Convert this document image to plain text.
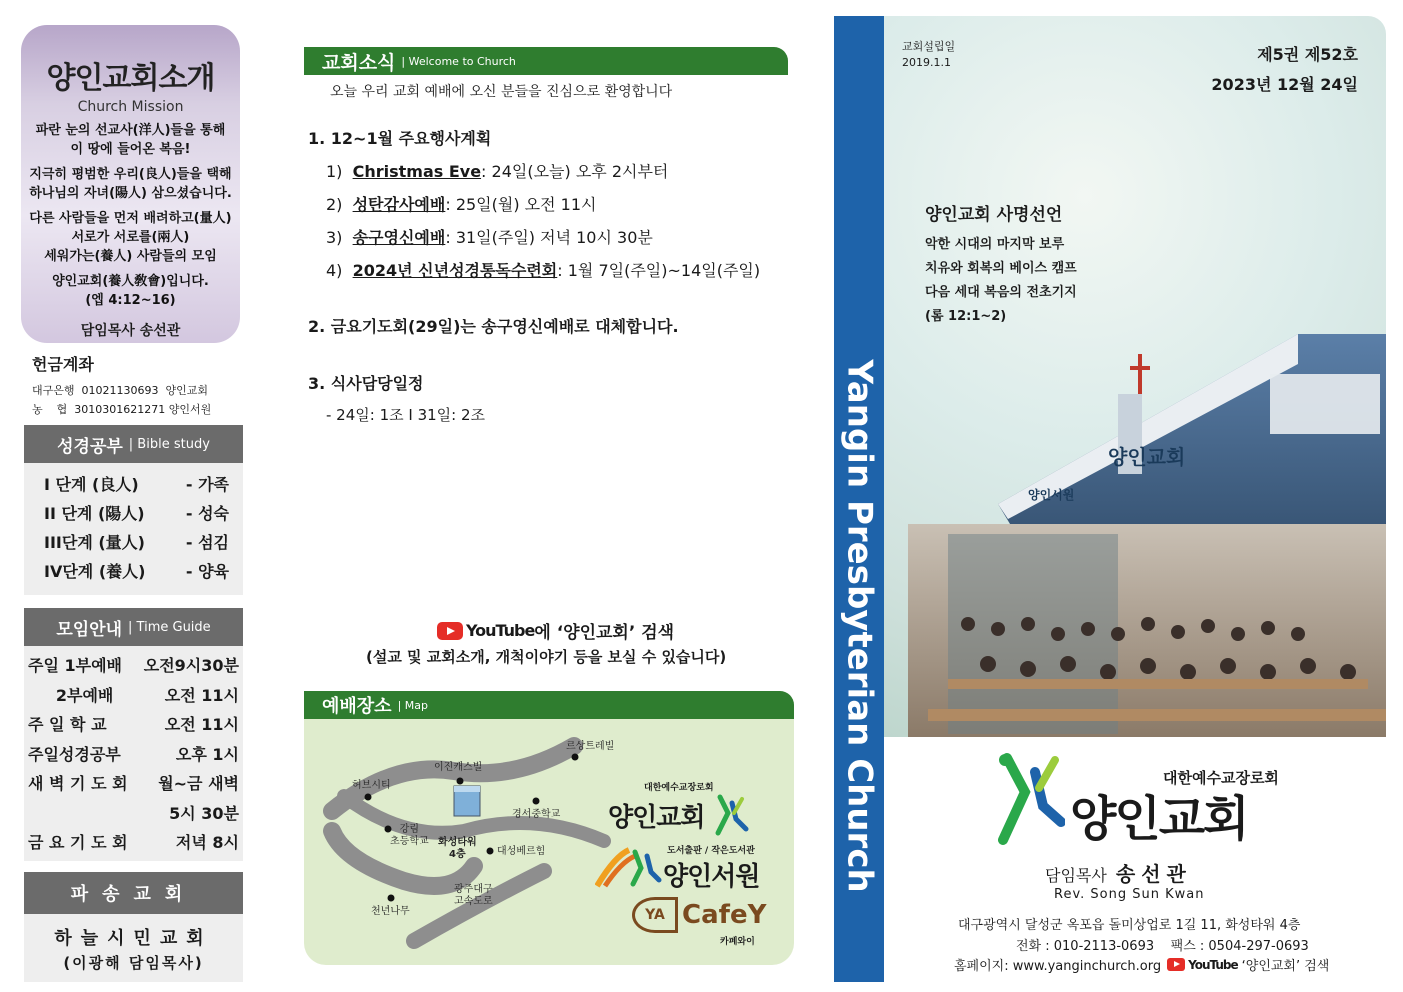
양인교회소개
Church Mission
파란 눈의 선교사(洋人)들을 통해
이 땅에 들어온 복음!
지극히 평범한 우리(良人)들을 택해
하나님의 자녀(陽人) 삼으셨습니다.
다른 사람들을 먼저 배려하고(量人)
서로가 서로를(兩人)
세워가는(養人) 사람들의 모임
양인교회(養人敎會)입니다.
(엡 4:12~16)
담임목사 송선관
헌금계좌
대구은행  01021130693  양인교회
농    협  3010301621271 양인서원
성경공부 | Bible study
I 단계 (良人)	- 가족
II 단계 (陽人)	- 성숙
III단계 (量人)	- 섬김
IV단계 (養人)	- 양육
모임안내 | Time Guide
주일 1부예배 오전9시30분
2부예배	오전 11시
주 일 학 교	오전 11시
주일성경공부	오후 1시
새 벽 기 도 회 월~금 새벽
5시 30분
금 요 기 도 회	저녁 8시
파송교회
하늘시민교회
(이광해 담임목사)
교회소식 | Welcome to Church
오늘 우리 교회 예배에 오신 분들을 진심으로 환영합니다
1. 12~1월 주요행사계획
1) Christmas Eve: 24일(오늘) 오후 2시부터
2) 성탄감사예배: 25일(월) 오전 11시
3) 송구영신예배: 31일(주일) 저녁 10시 30분
4) 2024년 신년성경통독수련회: 1월 7일(주일)~14일(주일)
2. 금요기도회(29일)는 송구영신예배로 대체합니다.
3. 식사담당일정
- 24일: 1조 I 31일: 2조
YouTube 에 ‘양인교회’ 검색
(설교 및 교회소개, 개척이야기 등을 보실 수 있습니다)
르상트레빌
이진캐스빌
허브시티
경서중학교
강림
초등학교 화성타워
4층	대성베르힘
광주대구
고속도로
천년나무
예배장소 | Map
대한예수교장로회
양인교회
도서출판 / 작은도서관
양인서원
YA CafeY
카페와이
Yangin Presbyterian Church
교회설립일
2019.1.1	제5권 제52호
2023년 12월 24일
양인교회 사명선언
악한 시대의 마지막 보루
치유와 회복의 베이스 캠프
다음 세대 복음의 전초기지
(롬 12:1~2)
양인교회
양인서원
대한예수교장로회
양인교회
담임목사 송선관
Rev. Song Sun Kwan
대구광역시 달성군 옥포읍 돌미상업로 1길 11, 화성타워 4층
전화 : 010-2113-0693    팩스 : 0504-297-0693
홈페이지: www.yanginchurch.org YouTube ‘양인교회’ 검색
